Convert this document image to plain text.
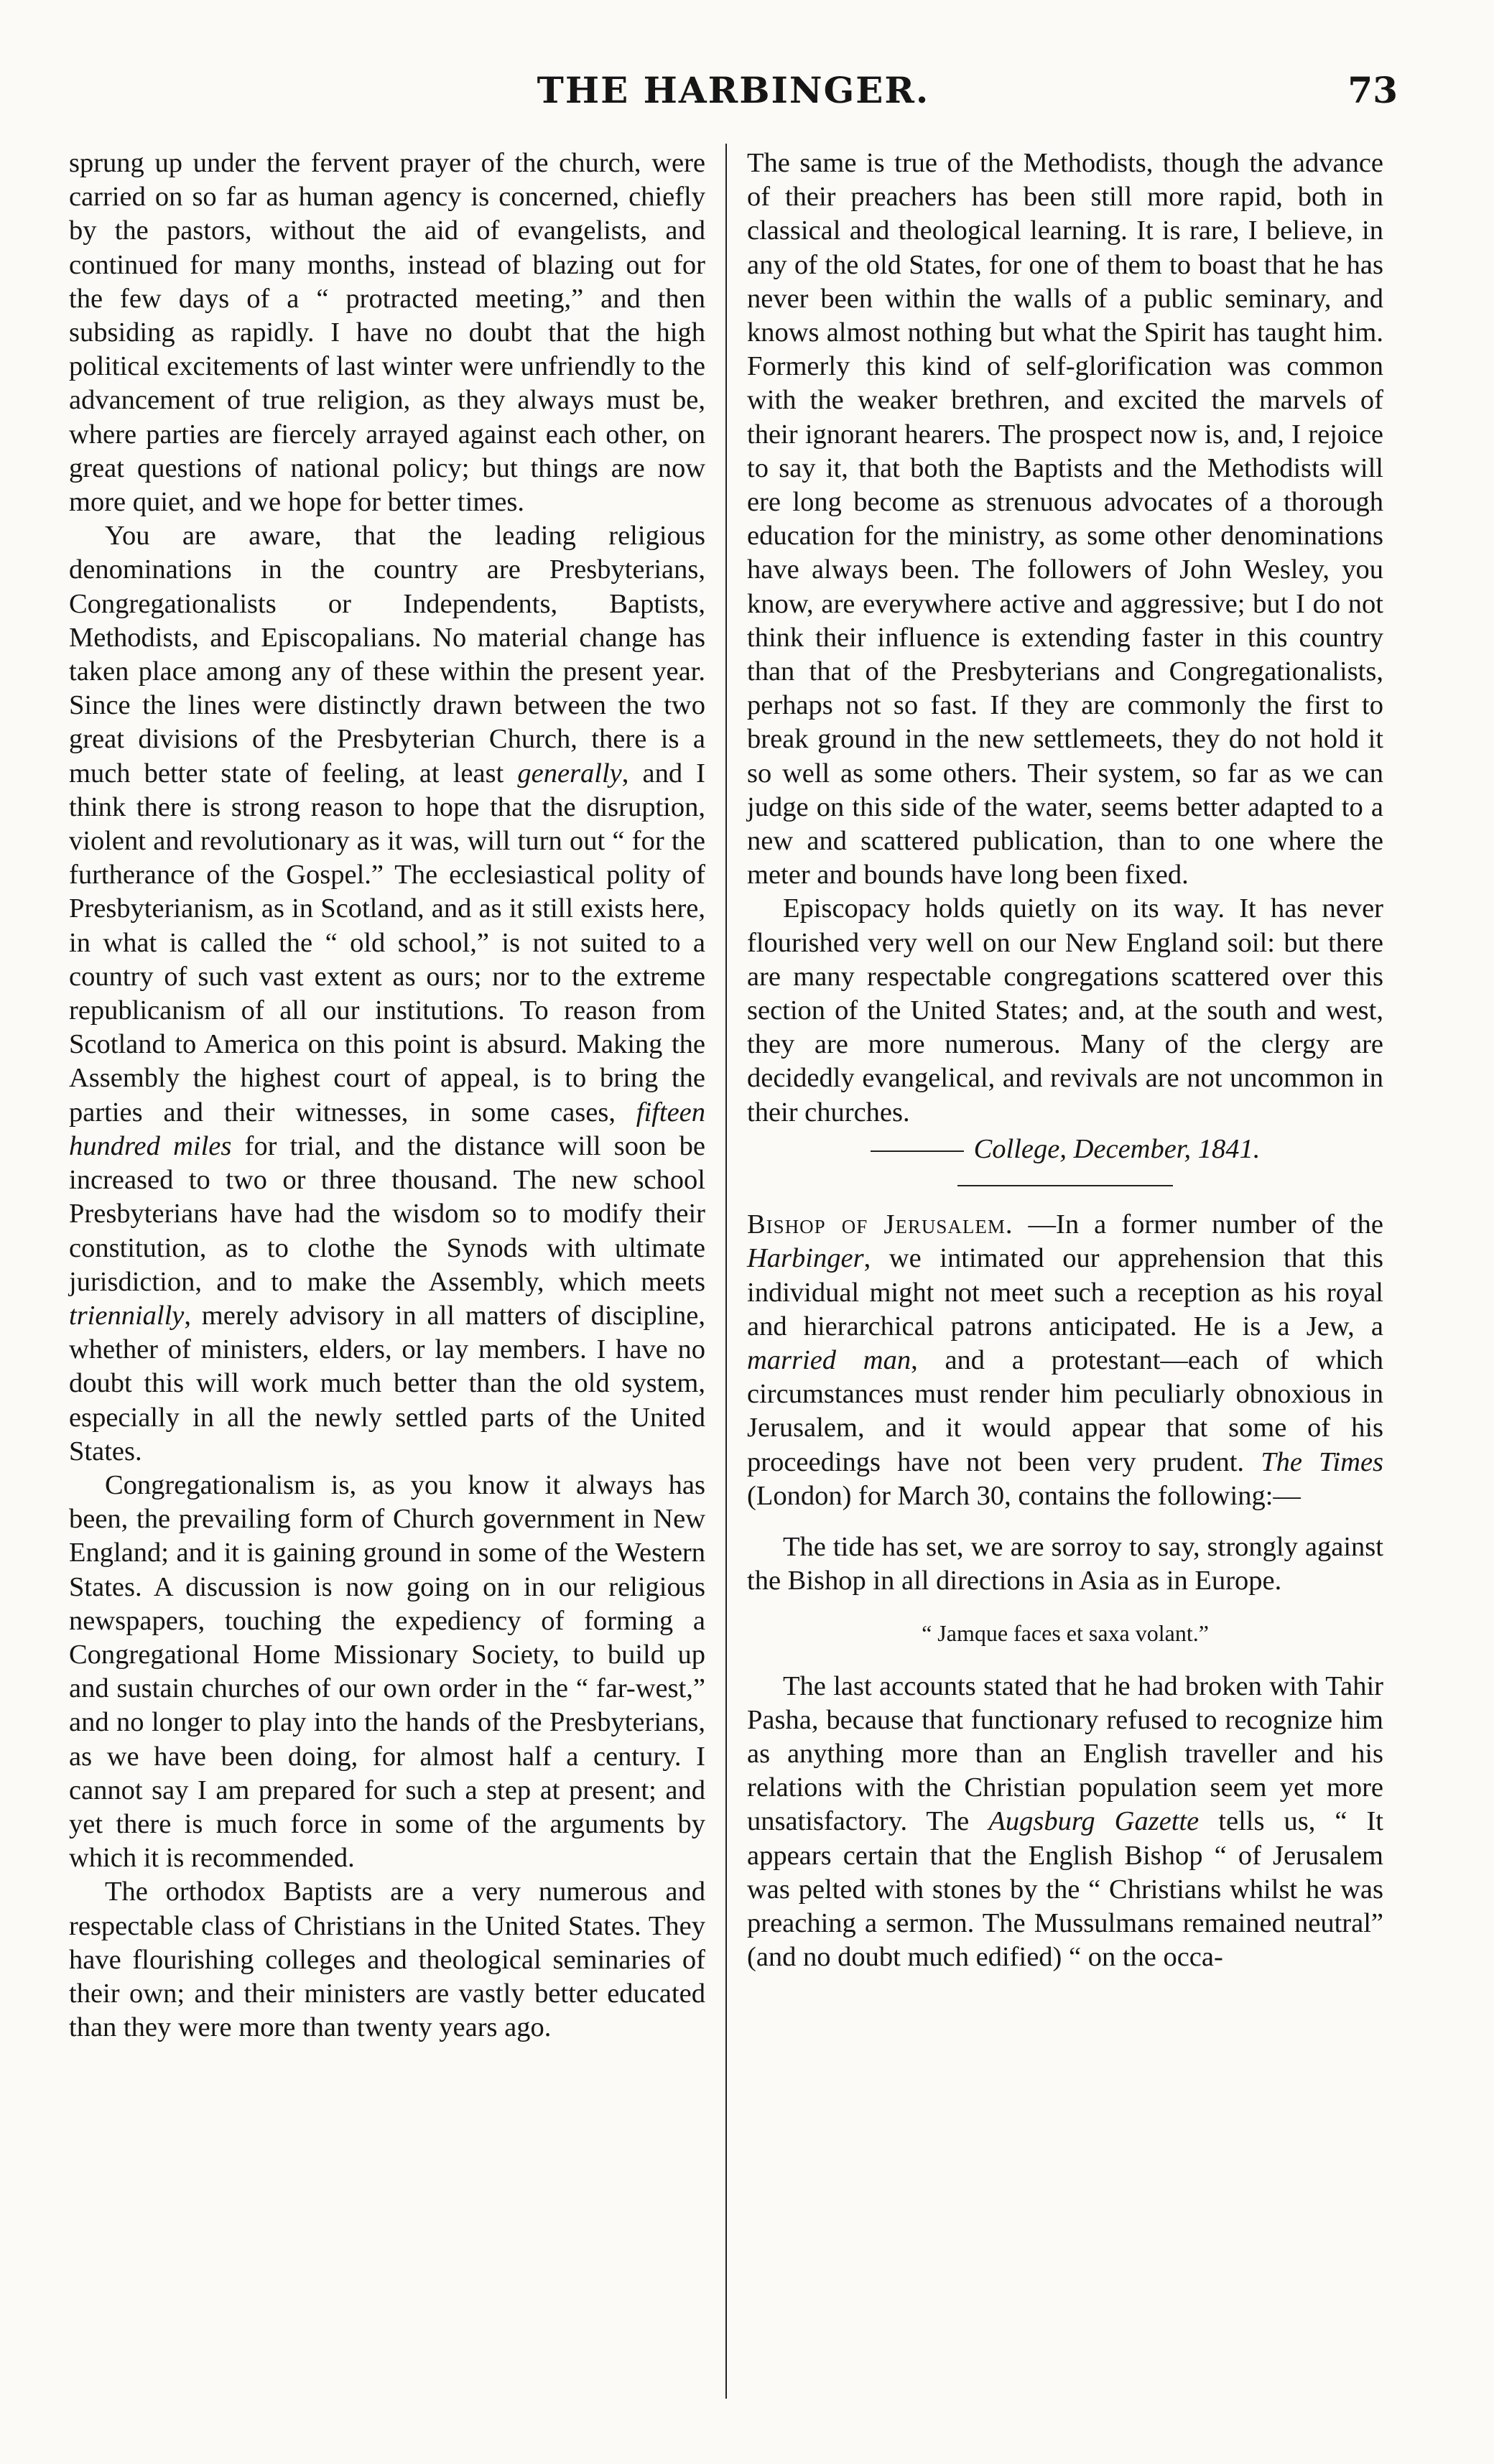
THE HARBINGER.	73

sprung up under the fervent prayer of the church, were carried on so far as human agency is concerned, chiefly by the pastors, without the aid of evangelists, and continued for many months, instead of blazing out for the few days of a “ protracted meeting,” and then subsiding as rapidly. I have no doubt that the high political excitements of last winter were unfriendly to the advancement of true religion, as they always must be, where parties are fiercely arrayed against each other, on great questions of national policy; but things are now more quiet, and we hope for better times.

You are aware, that the leading religious denominations in the country are Presbyterians, Congregationalists or Independents, Baptists, Methodists, and Episcopalians. No material change has taken place among any of these within the present year. Since the lines were distinctly drawn between the two great divisions of the Presbyterian Church, there is a much better state of feeling, at least generally, and I think there is strong reason to hope that the disruption, violent and revolutionary as it was, will turn out “ for the furtherance of the Gospel.” The ecclesiastical polity of Presbyterianism, as in Scotland, and as it still exists here, in what is called the “ old school,” is not suited to a country of such vast extent as ours; nor to the extreme republicanism of all our institutions. To reason from Scotland to America on this point is absurd. Making the Assembly the highest court of appeal, is to bring the parties and their witnesses, in some cases, fifteen hundred miles for trial, and the distance will soon be increased to two or three thousand. The new school Presbyterians have had the wisdom so to modify their constitution, as to clothe the Synods with ultimate jurisdiction, and to make the Assembly, which meets triennially, merely advisory in all matters of discipline, whether of ministers, elders, or lay members. I have no doubt this will work much better than the old system, especially in all the newly settled parts of the United States.

Congregationalism is, as you know it always has been, the prevailing form of Church government in New England; and it is gaining ground in some of the Western States. A discussion is now going on in our religious newspapers, touching the expediency of forming a Congregational Home Missionary Society, to build up and sustain churches of our own order in the “ far-west,” and no longer to play into the hands of the Presbyterians, as we have been doing, for almost half a century. I cannot say I am prepared for such a step at present; and yet there is much force in some of the arguments by which it is recommended.

The orthodox Baptists are a very numerous and respectable class of Christians in the United States. They have flourishing colleges and theological seminaries of their own; and their ministers are vastly better educated than they were more than twenty years ago.

The same is true of the Methodists, though the advance of their preachers has been still more rapid, both in classical and theological learning. It is rare, I believe, in any of the old States, for one of them to boast that he has never been within the walls of a public seminary, and knows almost nothing but what the Spirit has taught him. Formerly this kind of self-glorification was common with the weaker brethren, and excited the marvels of their ignorant hearers. The prospect now is, and, I rejoice to say it, that both the Baptists and the Methodists will ere long become as strenuous advocates of a thorough education for the ministry, as some other denominations have always been. The followers of John Wesley, you know, are everywhere active and aggressive; but I do not think their influence is extending faster in this country than that of the Presbyterians and Congregationalists, perhaps not so fast. If they are commonly the first to break ground in the new settlemeets, they do not hold it so well as some others. Their system, so far as we can judge on this side of the water, seems better adapted to a new and scattered publication, than to one where the meter and bounds have long been fixed.

Episcopacy holds quietly on its way. It has never flourished very well on our New England soil: but there are many respectable congregations scattered over this section of the United States; and, at the south and west, they are more numerous. Many of the clergy are decidedly evangelical, and revivals are not uncommon in their churches.

College, December, 1841.

Bishop of Jerusalem. —In a former number of the Harbinger, we intimated our apprehension that this individual might not meet such a reception as his royal and hierarchical patrons anticipated. He is a Jew, a married man, and a protestant—each of which circumstances must render him peculiarly obnoxious in Jerusalem, and it would appear that some of his proceedings have not been very prudent. The Times (London) for March 30, contains the following:—

The tide has set, we are sorroy to say, strongly against the Bishop in all directions in Asia as in Europe.

“ Jamque faces et saxa volant.”

The last accounts stated that he had broken with Tahir Pasha, because that functionary refused to recognize him as anything more than an English traveller and his relations with the Christian population seem yet more unsatisfactory. The Augsburg Gazette tells us, “ It appears certain that the English Bishop “ of Jerusalem was pelted with stones by the “ Christians whilst he was preaching a sermon. The Mussulmans remained neutral” (and no doubt much edified) “ on the occa-
